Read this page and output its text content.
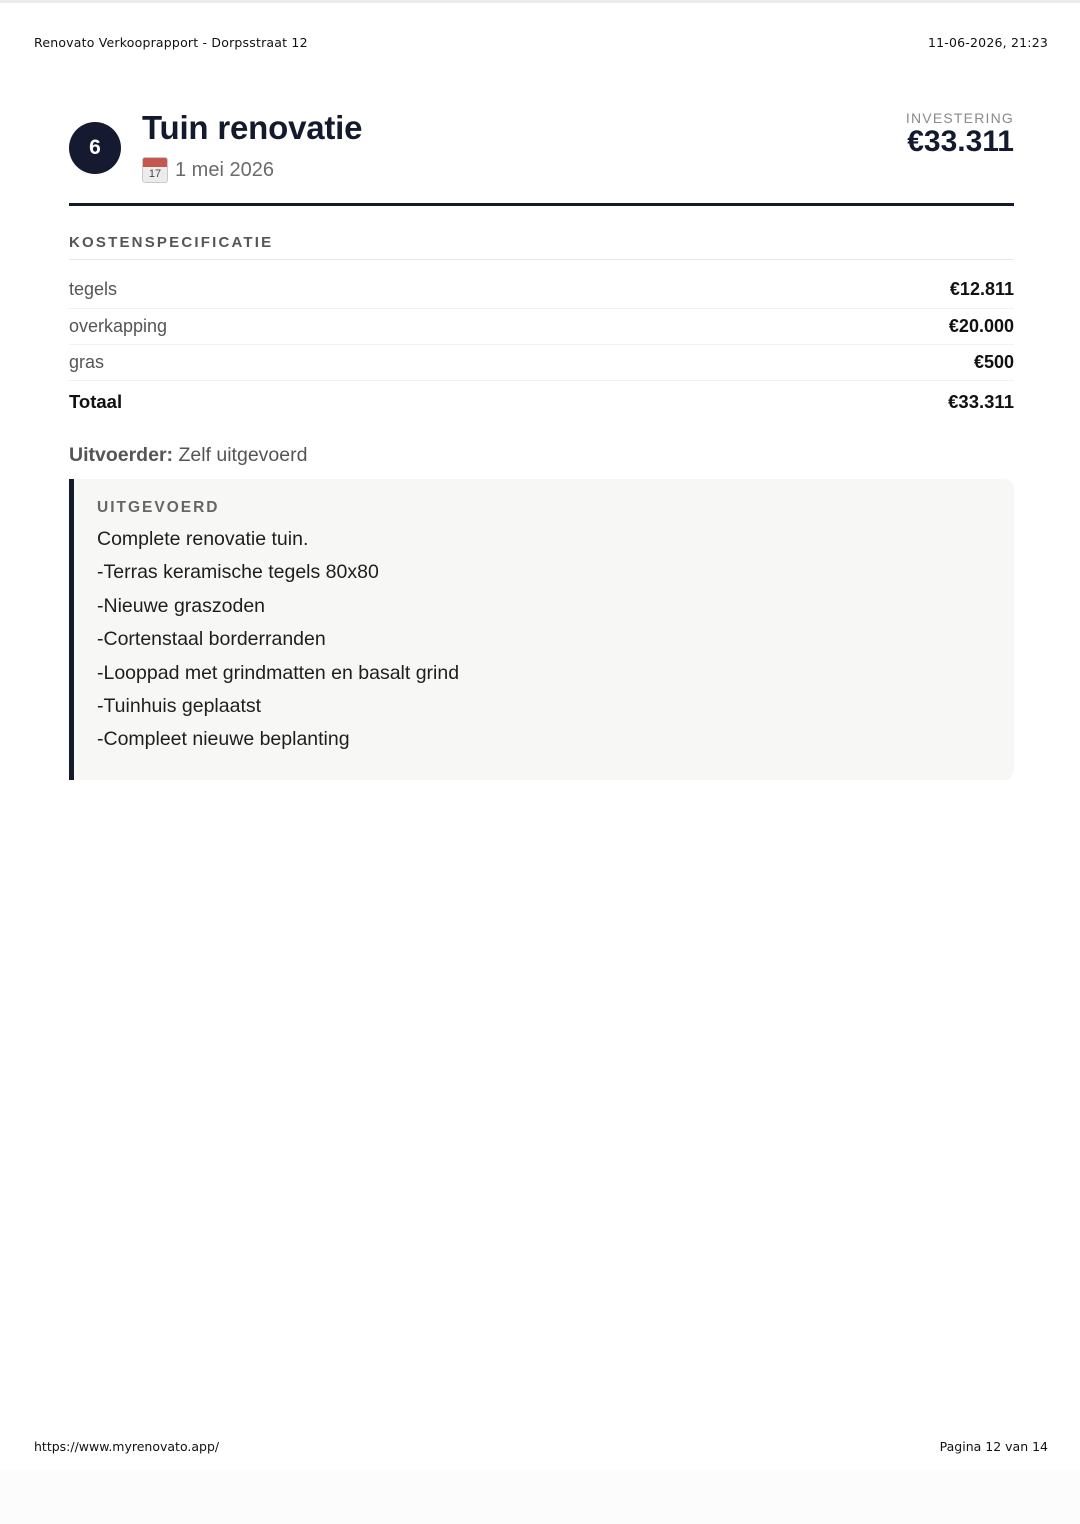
Renovato Verkooprapport - Dorpsstraat 12	11-06-2026, 21:23
6
Tuin renovatie
17 1 mei 2026
INVESTERING
€33.311
KOSTENSPECIFICATIE
tegels	€12.811
overkapping	€20.000
gras	€500
Totaal	€33.311
Uitvoerder: Zelf uitgevoerd
UITGEVOERD
Complete renovatie tuin.
-Terras keramische tegels 80x80
-Nieuwe graszoden
-Cortenstaal borderranden
-Looppad met grindmatten en basalt grind
-Tuinhuis geplaatst
-Compleet nieuwe beplanting
https://www.myrenovato.app/	Pagina 12 van 14
